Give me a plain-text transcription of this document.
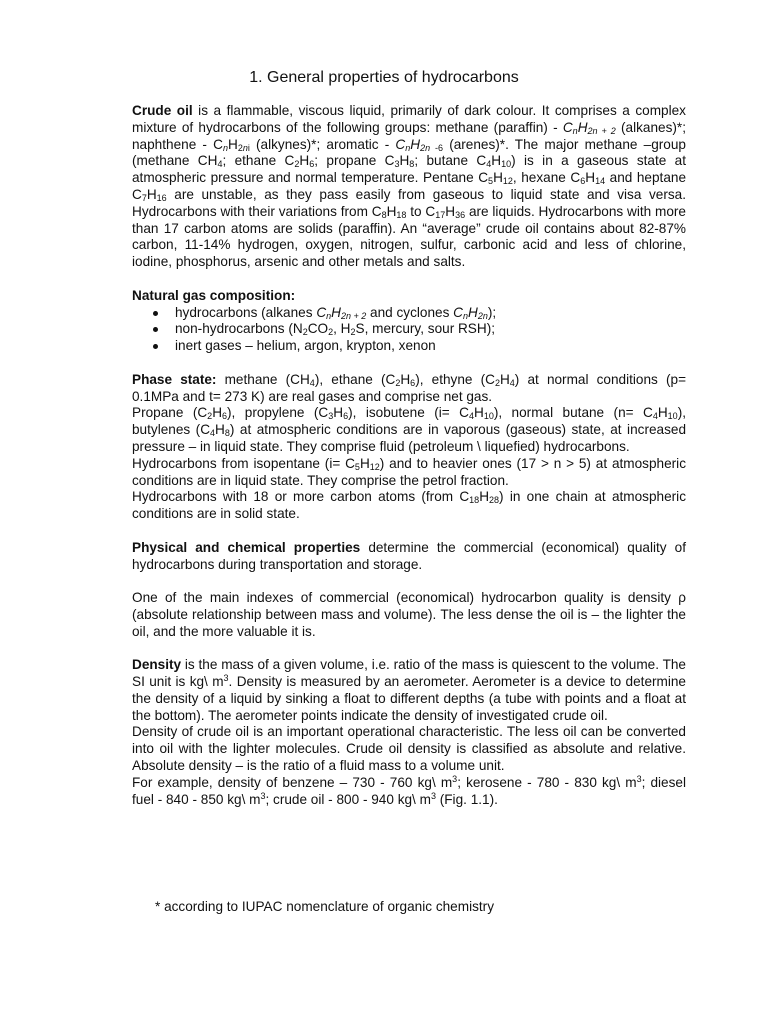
1. General properties of hydrocarbons

Crude oil is a flammable, viscous liquid, primarily of dark colour. It comprises a complex mixture of hydrocarbons of the following groups: methane (paraffin) - $C_nH_{2n + 2}$ (alkanes)*; naphthene - $C_nH_{2ni}$ (alkynes)*; aromatic - $C_nH_{2n}$ $_{-6}$ (arenes)*. The major methane –group (methane $CH_4$; ethane $C_2H_6$; propane $C_3H_8$; butane $C_4H_{10}$) is in a gaseous state at atmospheric pressure and normal temperature. Pentane $C_5H_{12}$, hexane $C_6H_{14}$ and heptane $C_7H_{16}$ are unstable, as they pass easily from gaseous to liquid state and visa versa. Hydrocarbons with their variations from $C_8H_{18}$ to $C_{17}H_{36}$ are liquids. Hydrocarbons with more than 17 carbon atoms are solids (paraffin). An “average” crude oil contains about 82-87% carbon, 11-14% hydrogen, oxygen, nitrogen, sulfur, carbonic acid and less of chlorine, iodine, phosphorus, arsenic and other metals and salts.

Natural gas composition:

hydrocarbons (alkanes $C_nH_{2n + 2}$ and cyclones $C_nH_{2n}$);
non-hydrocarbons ($N_2CO_2$, $H_2S$, mercury, sour RSH);
inert gases – helium, argon, krypton, xenon

Phase state: methane $(CH_4)$, ethane $(C_2H_6)$, ethyne $(C_2H_4)$ at normal conditions (p= 0.1MPa and t= 273 K) are real gases and comprise net gas.

Propane $(C_2H_6)$, propylene $(C_3H_6)$, isobutene $(i= C_4H_{10})$, normal butane $(n= C_4H_{10})$, butylenes $(C_4H_8)$ at atmospheric conditions are in vaporous (gaseous) state, at increased pressure – in liquid state. They comprise fluid (petroleum \ liquefied) hydrocarbons.

Hydrocarbons from isopentane $(i= C_5H_{12})$ and to heavier ones (17 > n > 5) at atmospheric conditions are in liquid state. They comprise the petrol fraction.

Hydrocarbons with 18 or more carbon atoms (from $C_{18}H_{28}$) in one chain at atmospheric conditions are in solid state.

Physical and chemical properties determine the commercial (economical) quality of hydrocarbons during transportation and storage.

One of the main indexes of commercial (economical) hydrocarbon quality is density ρ (absolute relationship between mass and volume). The less dense the oil is – the lighter the oil, and the more valuable it is.

Density is the mass of a given volume, i.e. ratio of the mass is quiescent to the volume. The SI unit is kg\ $m^3$. Density is measured by an aerometer. Aerometer is a device to determine the density of a liquid by sinking a float to different depths (a tube with points and a float at the bottom). The aerometer points indicate the density of investigated crude oil.

Density of crude oil is an important operational characteristic. The less oil can be converted into oil with the lighter molecules. Crude oil density is classified as absolute and relative. Absolute density – is the ratio of a fluid mass to a volume unit.

For example, density of benzene – 730 - 760 kg\ $m^3$; kerosene - 780 - 830 kg\ $m^3$; diesel fuel - 840 - 850 kg\ $m^3$; crude oil - 800 - 940 kg\ $m^3$ (Fig. 1.1).

* according to IUPAC nomenclature of organic chemistry
